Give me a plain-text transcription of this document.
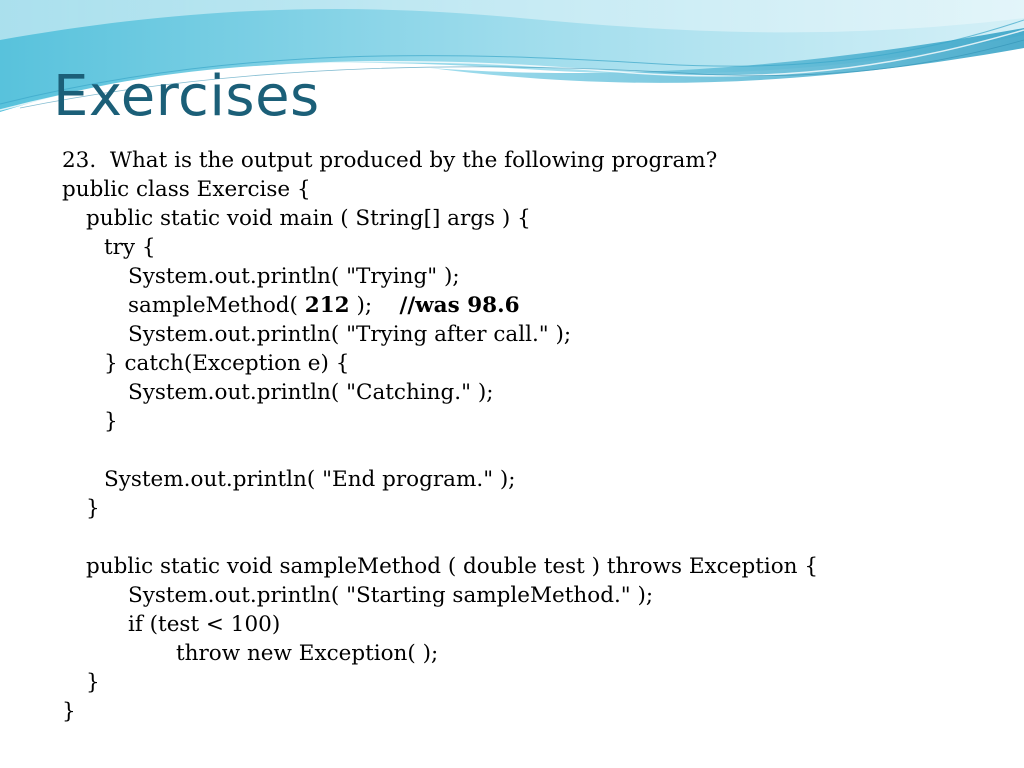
Exercises
23.  What is the output produced by the following program?
public class Exercise {
public static void main ( String[] args ) {
try {
System.out.println( "Trying" );
sampleMethod( 212 );    //was 98.6
System.out.println( "Trying after call." );
} catch(Exception e) {
System.out.println( "Catching." );
}
System.out.println( "End program." );
}
public static void sampleMethod ( double test ) throws Exception {
System.out.println( "Starting sampleMethod." );
if (test < 100)
throw new Exception( );
}
}
